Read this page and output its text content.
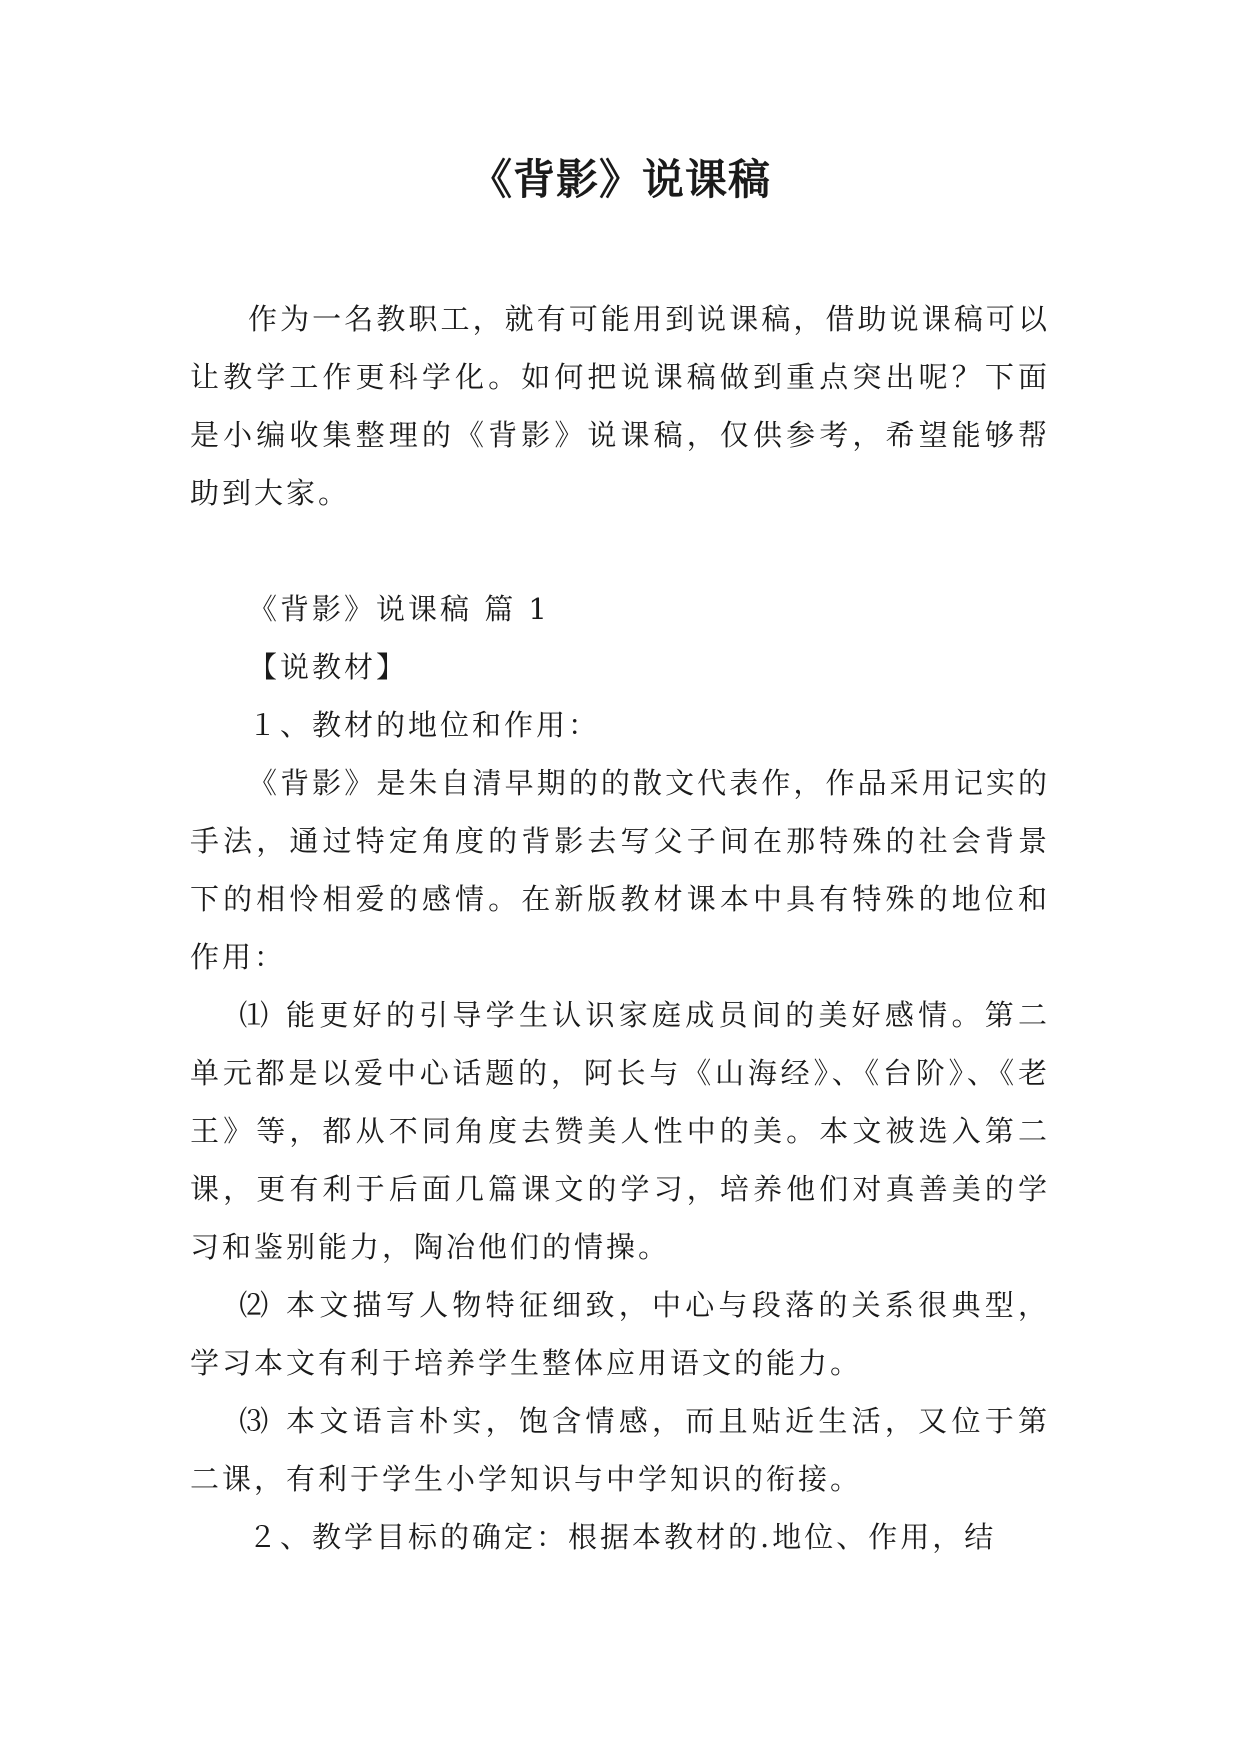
《背影》说课稿

作为一名教职工，就有可能用到说课稿，借助说课稿可以让教学工作更科学化。如何把说课稿做到重点突出呢？下面是小编收集整理的《背影》说课稿，仅供参考，希望能够帮助到大家。

《背影》说课稿 篇 1

【说教材】

１、教材的地位和作用：

《背影》是朱自清早期的的散文代表作，作品采用记实的手法，通过特定角度的背影去写父子间在那特殊的社会背景下的相怜相爱的感情。在新版教材课本中具有特殊的地位和作用：

⑴ 能更好的引导学生认识家庭成员间的美好感情。第二单元都是以爱中心话题的，阿长与《山海经》、《台阶》、《老王》等，都从不同角度去赞美人性中的美。本文被选入第二课，更有利于后面几篇课文的学习，培养他们对真善美的学习和鉴别能力，陶冶他们的情操。

⑵ 本文描写人物特征细致，中心与段落的关系很典型，学习本文有利于培养学生整体应用语文的能力。

⑶ 本文语言朴实，饱含情感，而且贴近生活，又位于第二课，有利于学生小学知识与中学知识的衔接。

２、教学目标的确定：根据本教材的.地位、作用，结
